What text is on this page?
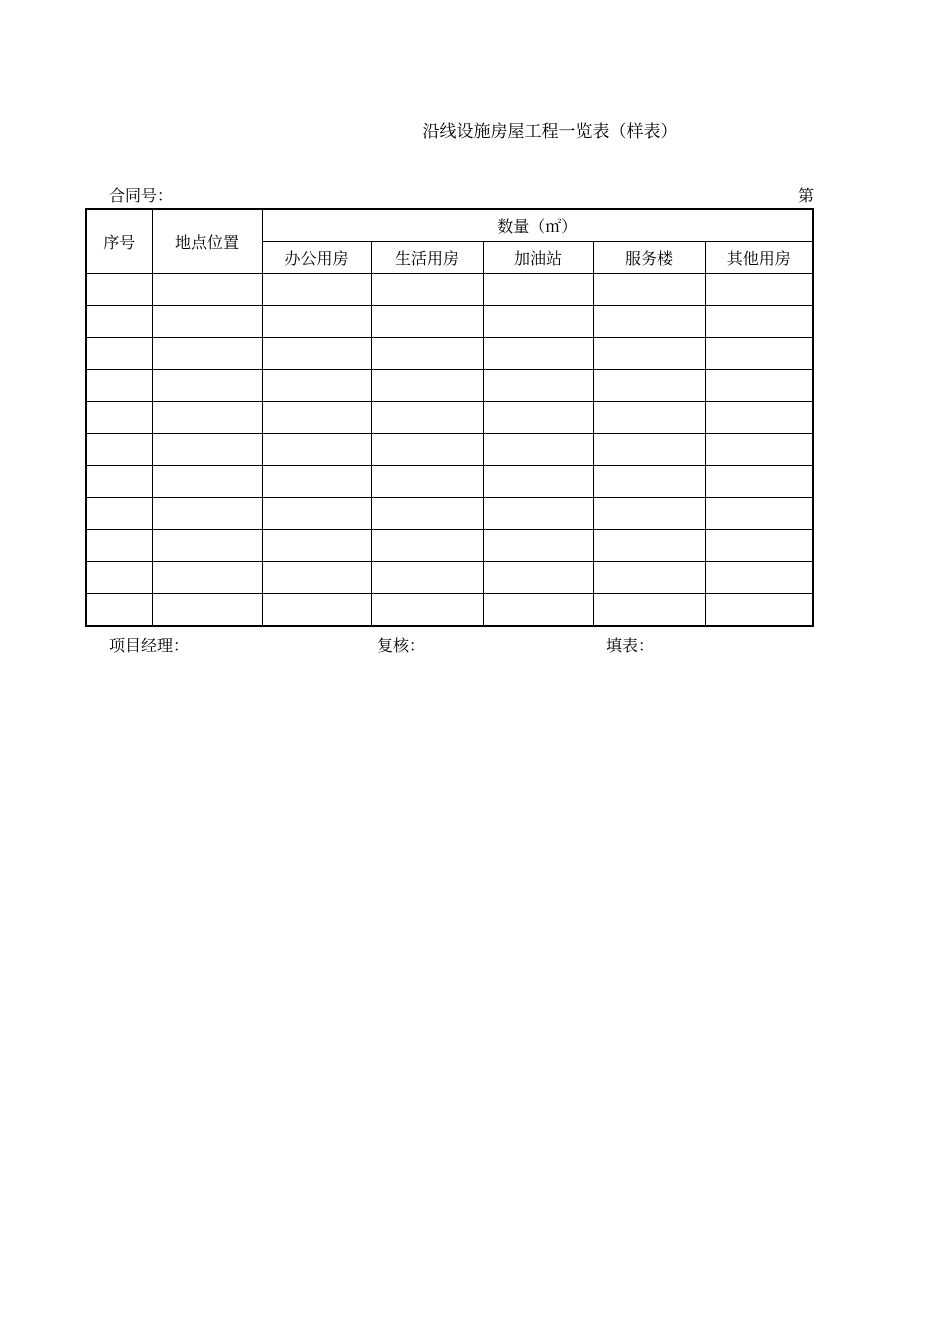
沿线设施房屋工程一览表（样表）
合同号：	第
序号	地点位置	数量（㎡）				
		办公用房	生活用房	加油站	服务楼	其他用房

项目经理：	复核：	填表：
